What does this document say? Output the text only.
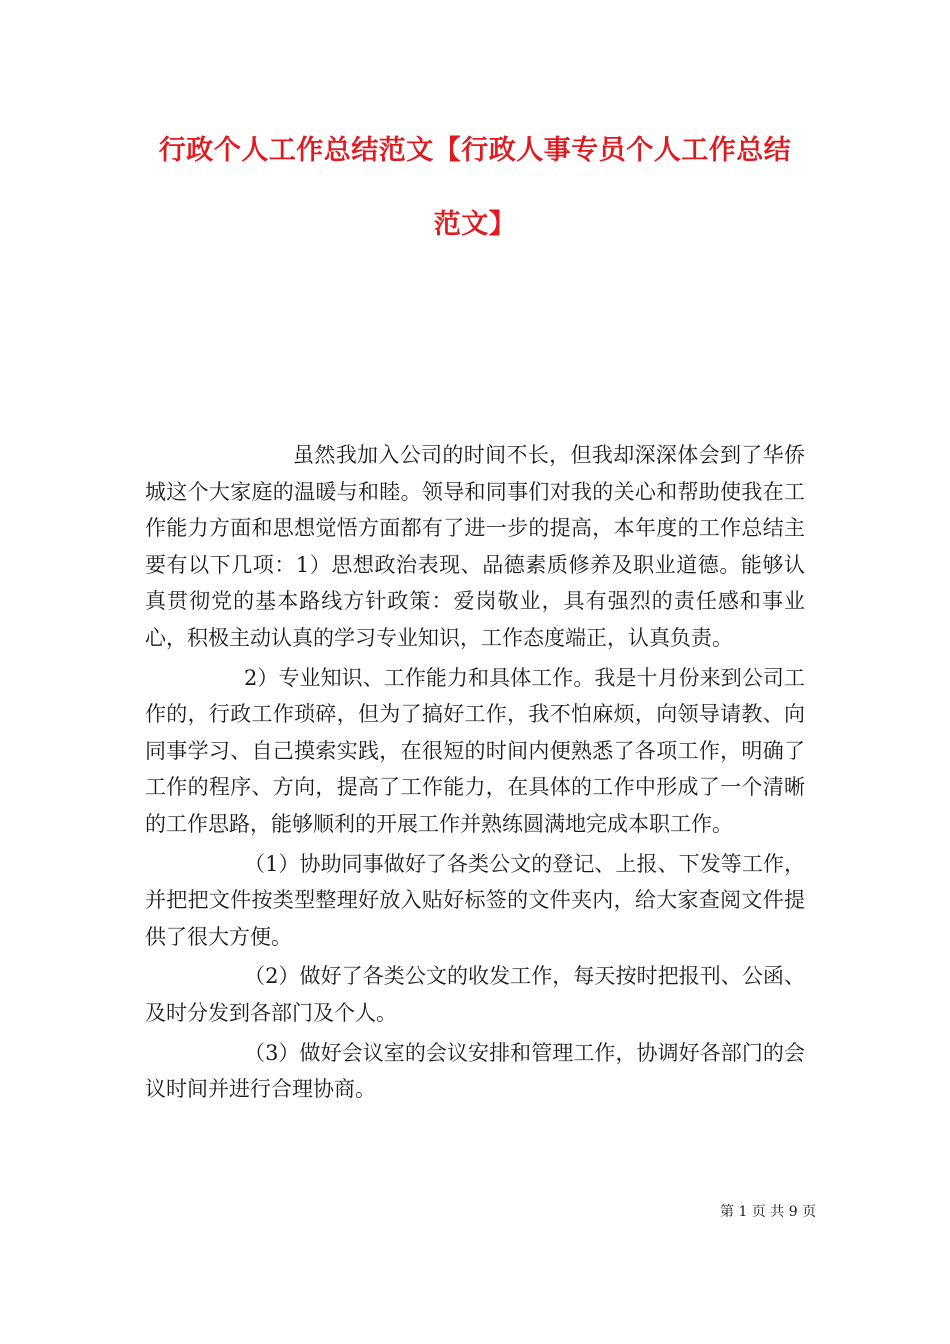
行政个人工作总结范文【行政人事专员个人工作总结
范文】

虽然我加入公司的时间不长，但我却深深体会到了华侨城这个大家庭的温暖与和睦。领导和同事们对我的关心和帮助使我在工作能力方面和思想觉悟方面都有了进一步的提高，本年度的工作总结主要有以下几项：1）思想政治表现、品德素质修养及职业道德。能够认真贯彻党的基本路线方针政策：爱岗敬业，具有强烈的责任感和事业心，积极主动认真的学习专业知识，工作态度端正，认真负责。

2）专业知识、工作能力和具体工作。我是十月份来到公司工作的，行政工作琐碎，但为了搞好工作，我不怕麻烦，向领导请教、向同事学习、自己摸索实践，在很短的时间内便熟悉了各项工作，明确了工作的程序、方向，提高了工作能力，在具体的工作中形成了一个清晰的工作思路，能够顺利的开展工作并熟练圆满地完成本职工作。

（1）协助同事做好了各类公文的登记、上报、下发等工作，并把把文件按类型整理好放入贴好标签的文件夹内，给大家查阅文件提供了很大方便。

（2）做好了各类公文的收发工作，每天按时把报刊、公函、及时分发到各部门及个人。

（3）做好会议室的会议安排和管理工作，协调好各部门的会议时间并进行合理协商。

第 1 页 共 9 页
